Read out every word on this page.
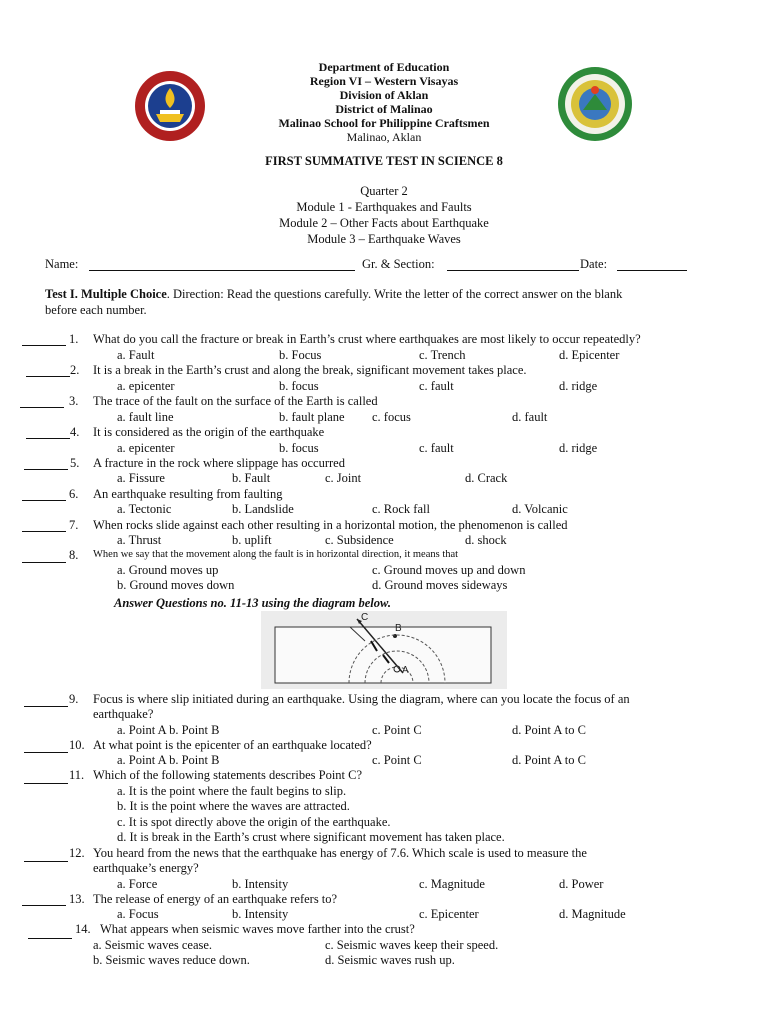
Department of Education
Region VI – Western Visayas
Division of Aklan
District of Malinao
Malinao School for Philippine Craftsmen
Malinao, Aklan
FIRST SUMMATIVE TEST IN SCIENCE 8
Quarter 2
Module 1 - Earthquakes and Faults
Module 2 – Other Facts about Earthquake
Module 3 – Earthquake Waves
Name:	Gr. & Section:	Date:
Test I. Multiple Choice. Direction: Read the questions carefully. Write the letter of the correct answer on the blank
before each number.
1. What do you call the fracture or break in Earth’s crust where earthquakes are most likely to occur repeatedly?
a. Fault	b. Focus	c. Trench	d. Epicenter
2. It is a break in the Earth’s crust and along the break, significant movement takes place.
a. epicenter	b. focus	c. fault	d. ridge
3. The trace of the fault on the surface of the Earth is called
a. fault line	b. fault plane c. focus	d. fault
4. It is considered as the origin of the earthquake
a. epicenter	b. focus	c. fault	d. ridge
5. A fracture in the rock where slippage has occurred
a. Fissure	b. Fault	c. Joint	d. Crack
6. An earthquake resulting from faulting
a. Tectonic	b. Landslide	c. Rock fall	d. Volcanic
7. When rocks slide against each other resulting in a horizontal motion, the phenomenon is called
a. Thrust	b. uplift	c. Subsidence	d. shock
8. When we say that the movement along the fault is in horizontal direction, it means that
a. Ground moves up	c. Ground moves up and down
b. Ground moves down	d. Ground moves sideways
Answer Questions no. 11-13 using the diagram below.
C
B
A
9. Focus is where slip initiated during an earthquake. Using the diagram, where can you locate the focus of an
earthquake?
a. Point A b. Point B	c. Point C	d. Point A to C
10. At what point is the epicenter of an earthquake located?
a. Point A b. Point B	c. Point C	d. Point A to C
11. Which of the following statements describes Point C?
a. It is the point where the fault begins to slip.
b. It is the point where the waves are attracted.
c. It is spot directly above the origin of the earthquake.
d. It is break in the Earth’s crust where significant movement has taken place.
12. You heard from the news that the earthquake has energy of 7.6. Which scale is used to measure the
earthquake’s energy?
a. Force	b. Intensity	c. Magnitude	d. Power
13. The release of energy of an earthquake refers to?
a. Focus	b. Intensity	c. Epicenter	d. Magnitude
14. What appears when seismic waves move farther into the crust?
a. Seismic waves cease.	c. Seismic waves keep their speed.
b. Seismic waves reduce down.	d. Seismic waves rush up.
